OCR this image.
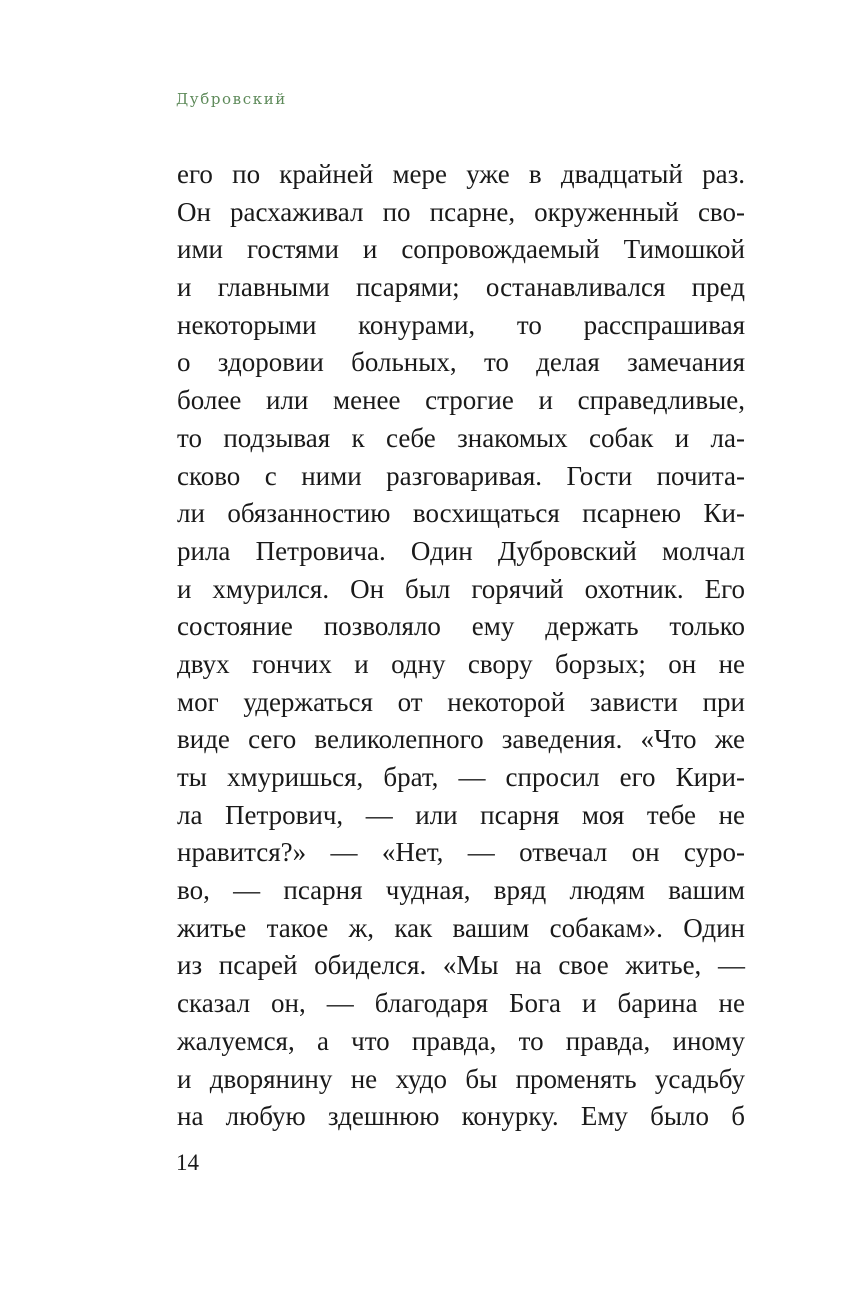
Дубровский
его по крайней мере уже в двадцатый раз.
Он расхаживал по псарне, окруженный сво-
ими гостями и сопровождаемый Тимошкой
и главными псарями; останавливался пред
некоторыми конурами, то расспрашивая
о здоровии больных, то делая замечания
более или менее строгие и справедливые,
то подзывая к себе знакомых собак и ла-
сково с ними разговаривая. Гости почита-
ли обязанностию восхищаться псарнею Ки-
рила Петровича. Один Дубровский молчал
и хмурился. Он был горячий охотник. Его
состояние позволяло ему держать только
двух гончих и одну свору борзых; он не
мог удержаться от некоторой зависти при
виде сего великолепного заведения. «Что же
ты хмуришься, брат, — спросил его Кири-
ла Петрович, — или псарня моя тебе не
нравится?» — «Нет, — отвечал он суро-
во, — псарня чудная, вряд людям вашим
житье такое ж, как вашим собакам». Один
из псарей обиделся. «Мы на свое житье, —
сказал он, — благодаря Бога и барина не
жалуемся, а что правда, то правда, иному
и дворянину не худо бы променять усадьбу
на любую здешнюю конурку. Ему было б
14
